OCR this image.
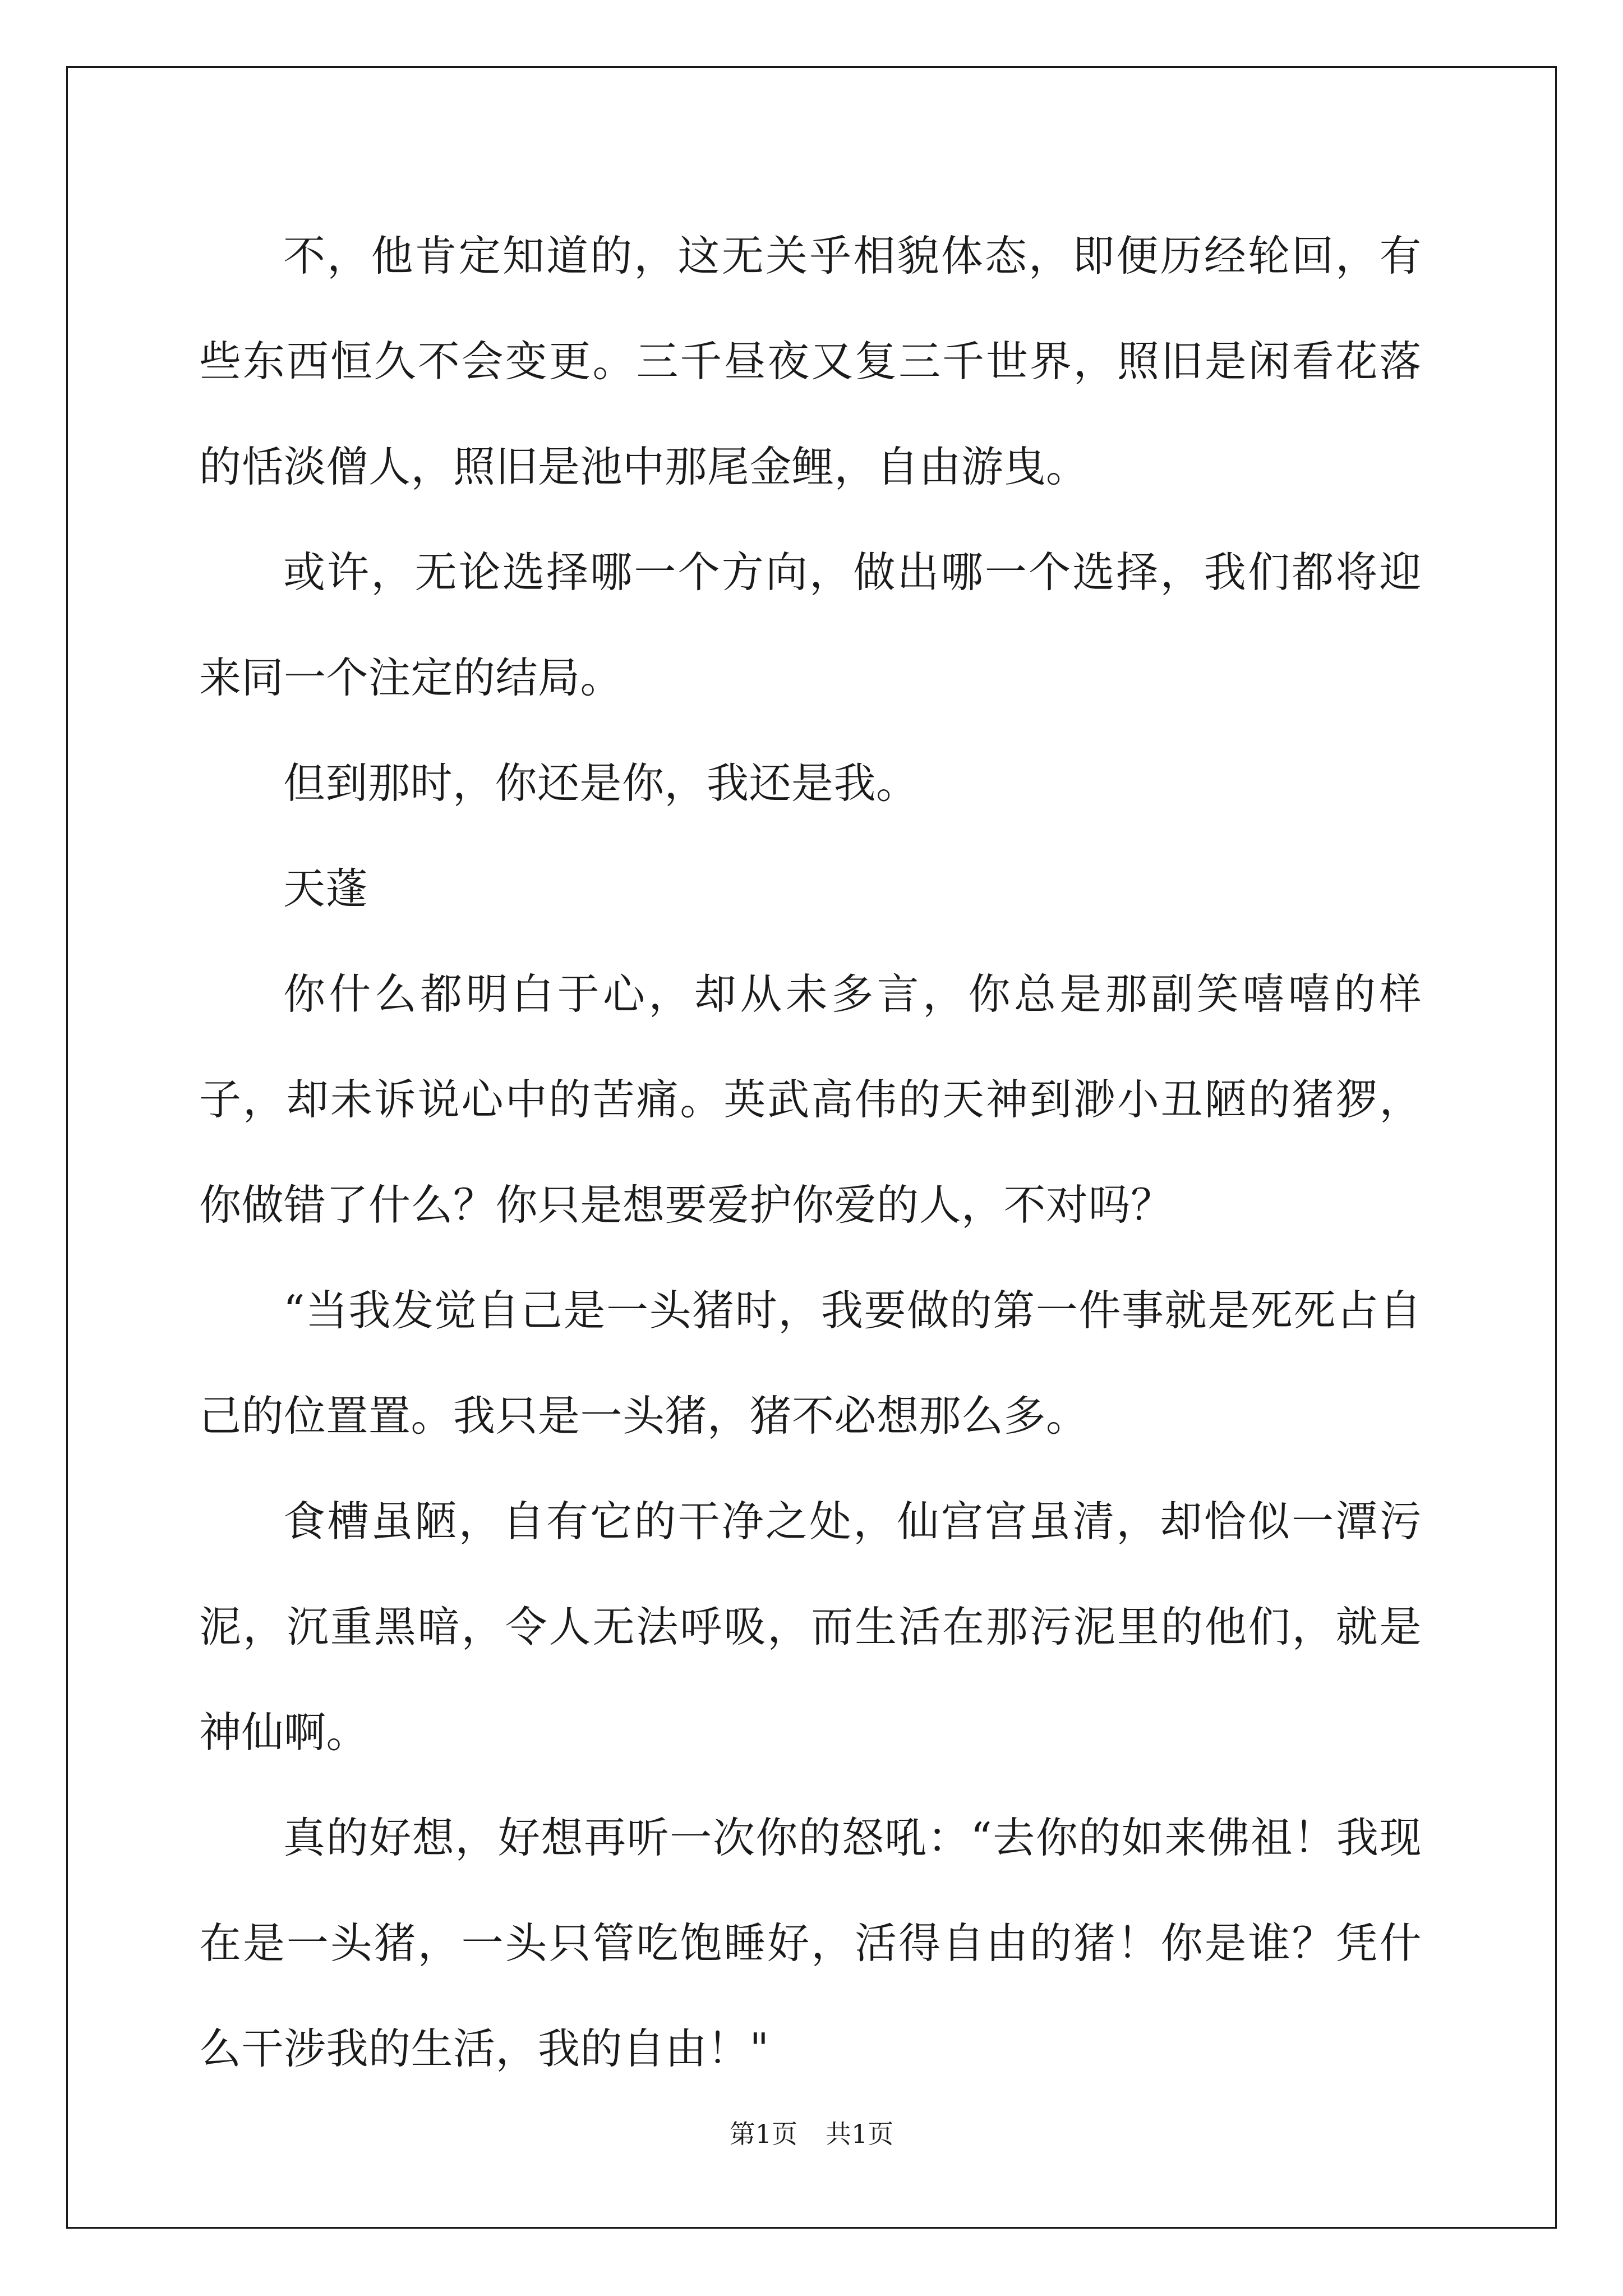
不，他肯定知道的，这无关乎相貌体态，即便历经轮回，有些东西恒久不会变更。三千昼夜又复三千世界，照旧是闲看花落的恬淡僧人，照旧是池中那尾金鲤，自由游曳。

或许，无论选择哪一个方向，做出哪一个选择，我们都将迎来同一个注定的结局。

但到那时，你还是你，我还是我。

天蓬

你什么都明白于心，却从未多言，你总是那副笑嘻嘻的样子，却未诉说心中的苦痛。英武高伟的天神到渺小丑陋的猪猡，你做错了什么？你只是想要爱护你爱的人，不对吗？

“当我发觉自己是一头猪时，我要做的第一件事就是死死占自己的位置置。我只是一头猪，猪不必想那么多。

食槽虽陋，自有它的干净之处，仙宫宫虽清，却恰似一潭污泥，沉重黑暗，令人无法呼吸，而生活在那污泥里的他们，就是神仙啊。

真的好想，好想再听一次你的怒吼：“去你的如来佛祖！我现在是一头猪，一头只管吃饱睡好，活得自由的猪！你是谁？凭什么干涉我的生活，我的自由！"

第1页 共1页
